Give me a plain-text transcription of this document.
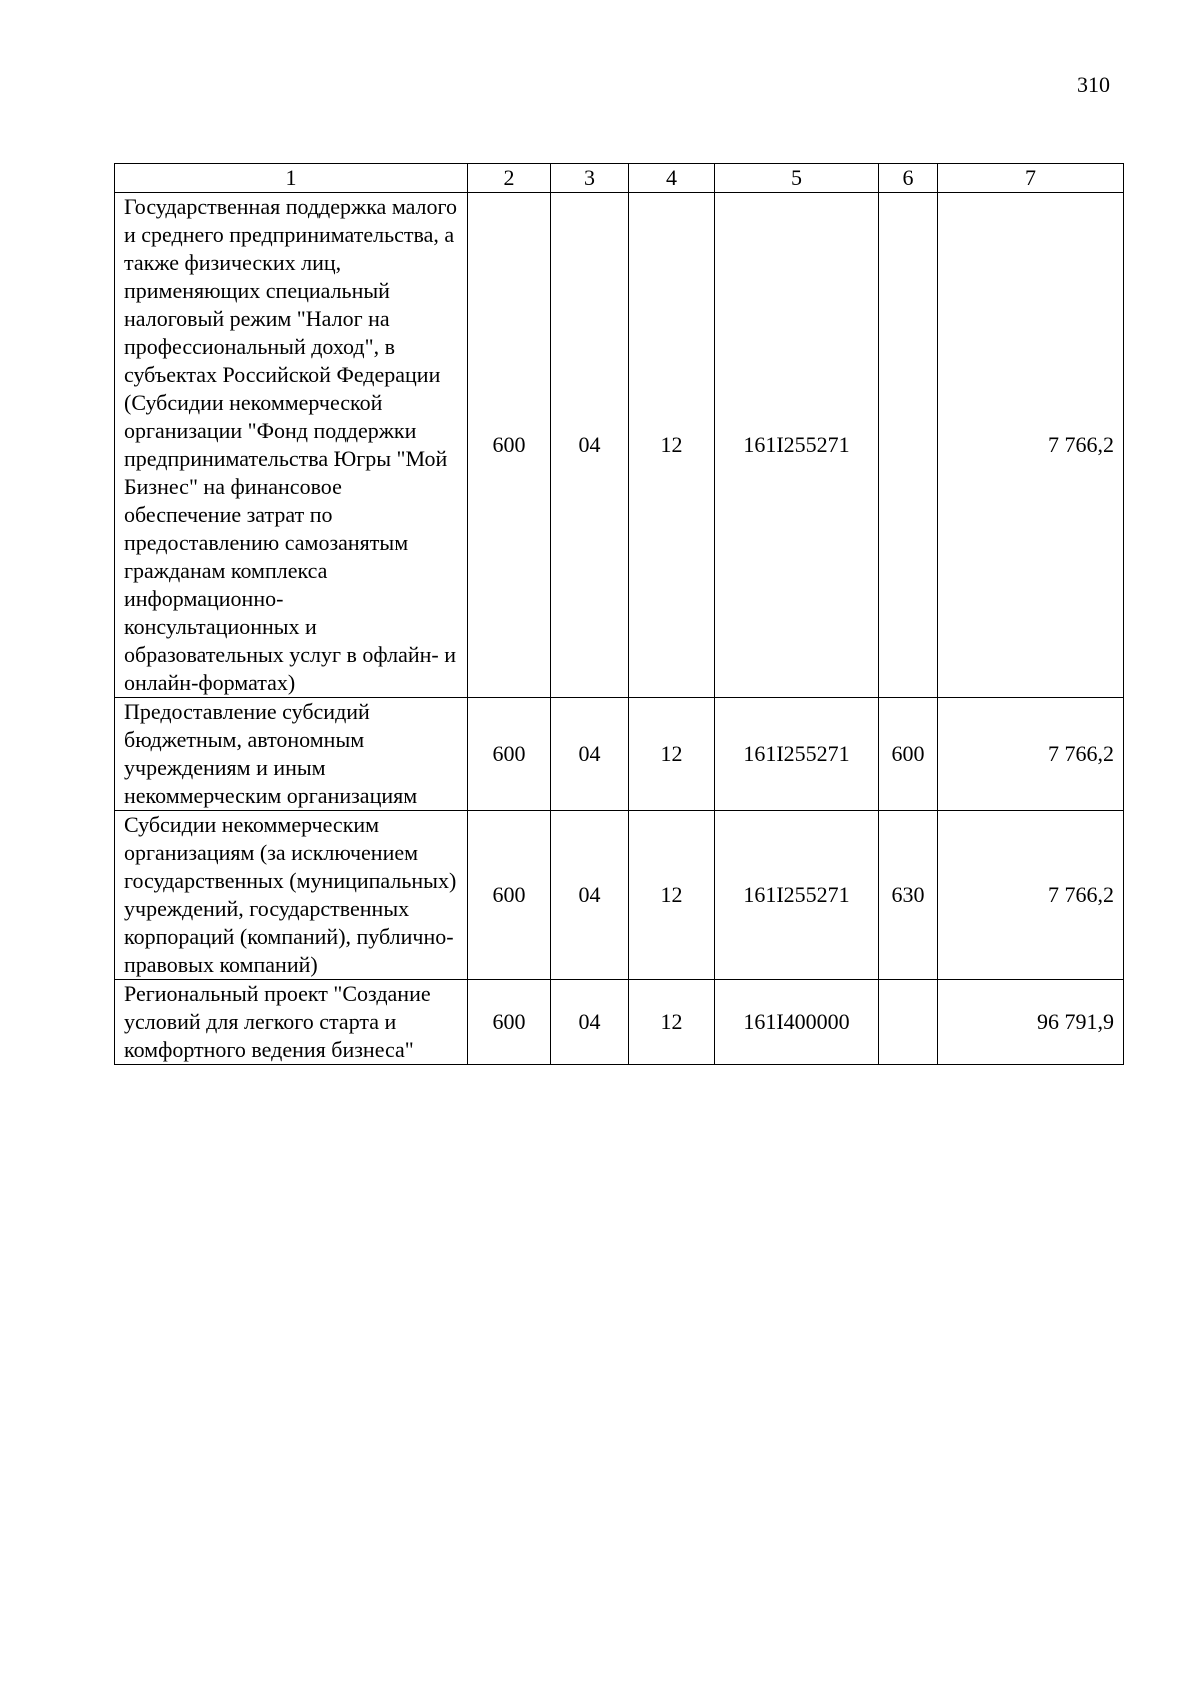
310
1	2	3	4	5	6	7
Государственная поддержка малого и среднего предпринимательства, а также физических лиц, применяющих специальный налоговый режим "Налог на профессиональный доход", в субъектах Российской Федерации (Субсидии некоммерческой организации "Фонд поддержки предпринимательства Югры "Мой Бизнес" на финансовое обеспечение затрат по предоставлению самозанятым гражданам комплекса информационно-консультационных и образовательных услуг в офлайн- и онлайн-форматах)	600	04	12	161I255271		7 766,2
Предоставление субсидий бюджетным, автономным учреждениям и иным некоммерческим организациям	600	04	12	161I255271	600	7 766,2
Субсидии некоммерческим организациям (за исключением государственных (муниципальных) учреждений, государственных корпораций (компаний), публично-правовых компаний)	600	04	12	161I255271	630	7 766,2
Региональный проект "Создание условий для легкого старта и комфортного ведения бизнеса"	600	04	12	161I400000		96 791,9
